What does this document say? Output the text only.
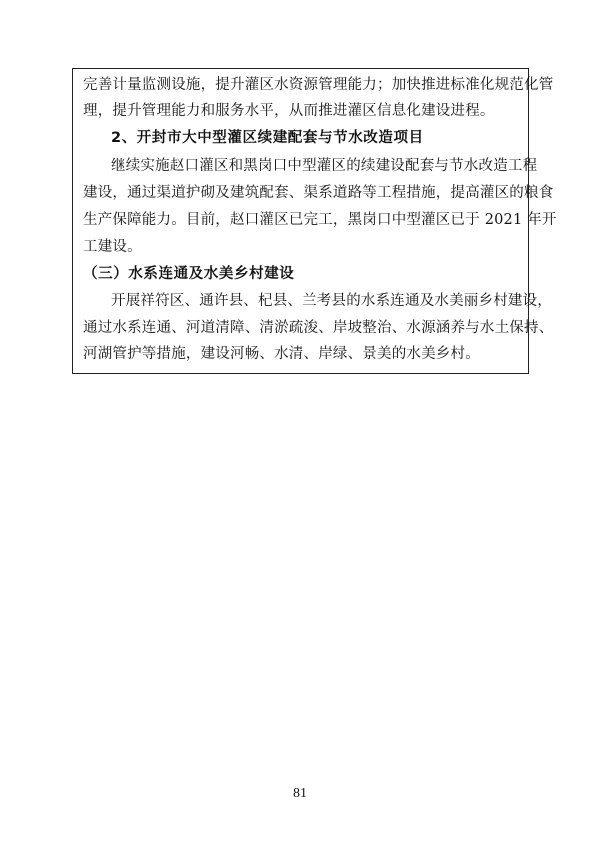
完善计量监测设施，提升灌区水资源管理能力；加快推进标准化规范化管
理，提升管理能力和服务水平，从而推进灌区信息化建设进程。
2、开封市大中型灌区续建配套与节水改造项目
继续实施赵口灌区和黑岗口中型灌区的续建设配套与节水改造工程
建设，通过渠道护砌及建筑配套、渠系道路等工程措施，提高灌区的粮食
生产保障能力。目前，赵口灌区已完工，黑岗口中型灌区已于 2021 年开
工建设。
（三）水系连通及水美乡村建设
开展祥符区、通许县、杞县、兰考县的水系连通及水美丽乡村建设，
通过水系连通、河道清障、清淤疏浚、岸坡整治、水源涵养与水土保持、
河湖管护等措施，建设河畅、水清、岸绿、景美的水美乡村。
81
